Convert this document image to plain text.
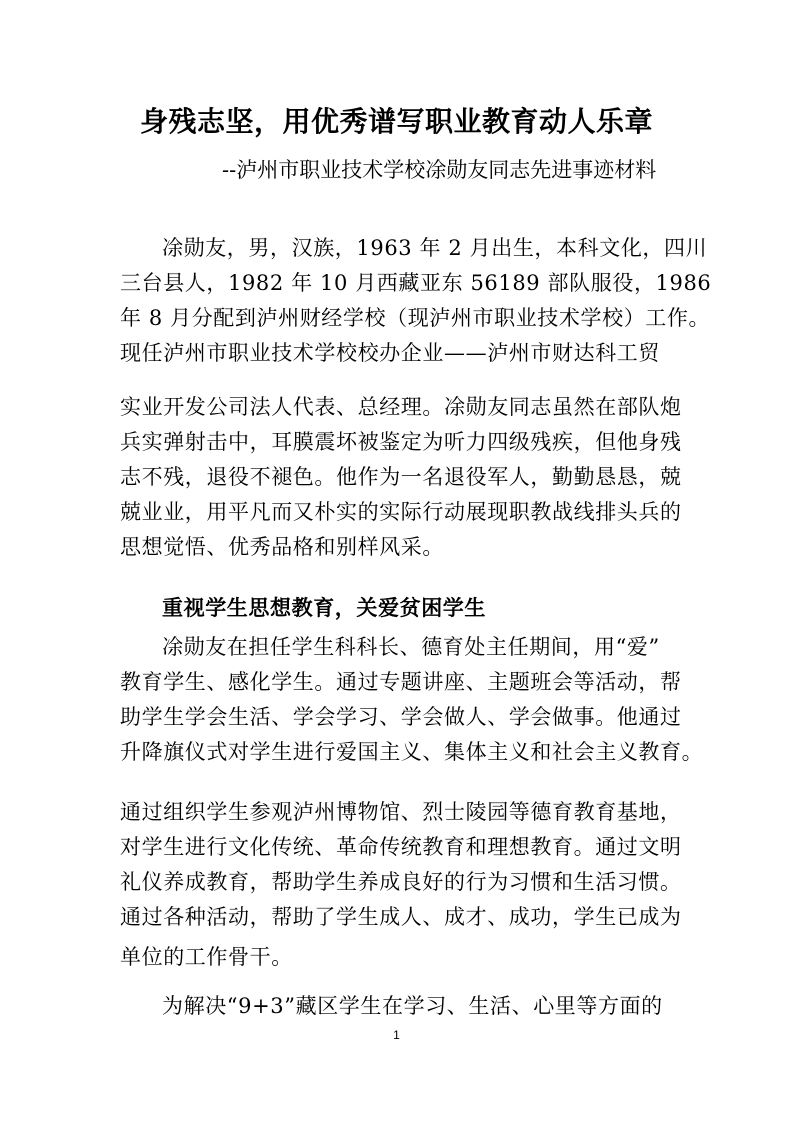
身残志坚，用优秀谱写职业教育动人乐章
--泸州市职业技术学校凃勋友同志先进事迹材料
凃勋友，男，汉族，1963 年 2 月出生，本科文化，四川
三台县人，1982 年 10 月西藏亚东 56189 部队服役，1986
年 8 月分配到泸州财经学校（现泸州市职业技术学校）工作。
现任泸州市职业技术学校校办企业——泸州市财达科工贸
实业开发公司法人代表、总经理。凃勋友同志虽然在部队炮
兵实弹射击中，耳膜震坏被鉴定为听力四级残疾，但他身残
志不残，退役不褪色。他作为一名退役军人，勤勤恳恳，兢
兢业业，用平凡而又朴实的实际行动展现职教战线排头兵的
思想觉悟、优秀品格和别样风采。
重视学生思想教育，关爱贫困学生
凃勋友在担任学生科科长、德育处主任期间，用“爱”
教育学生、感化学生。通过专题讲座、主题班会等活动，帮
助学生学会生活、学会学习、学会做人、学会做事。他通过
升降旗仪式对学生进行爱国主义、集体主义和社会主义教育。
通过组织学生参观泸州博物馆、烈士陵园等德育教育基地，
对学生进行文化传统、革命传统教育和理想教育。通过文明
礼仪养成教育，帮助学生养成良好的行为习惯和生活习惯。
通过各种活动，帮助了学生成人、成才、成功，学生已成为
单位的工作骨干。
为解决“9+3”藏区学生在学习、生活、心里等方面的
1
